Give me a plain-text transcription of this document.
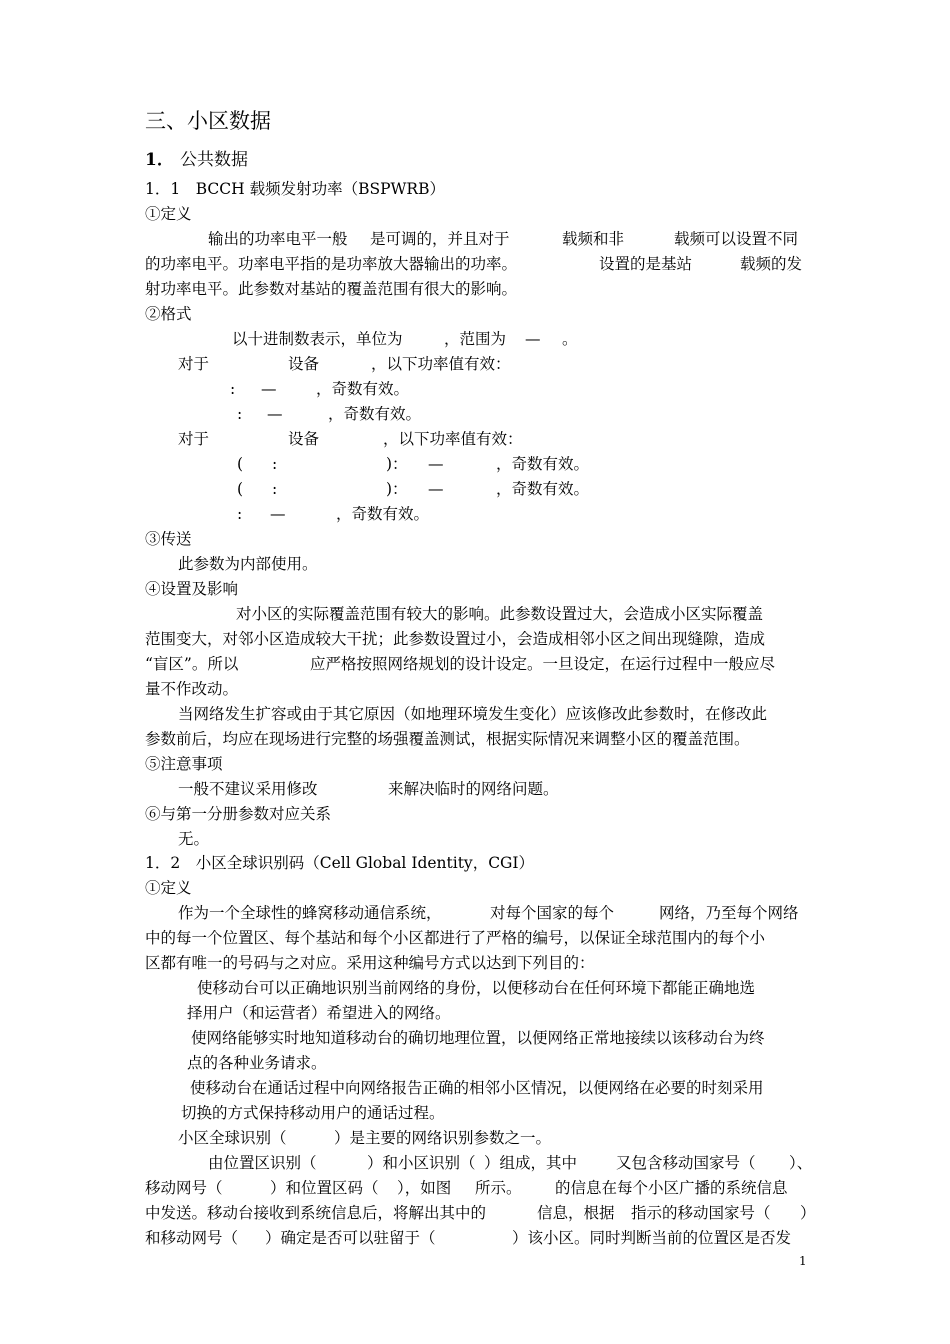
三、小区数据

1．

公共数据

1．1　BCCH 载频发射功率（BSPWRB）

①定义

输出的功率电平一般

是可调的，并且对于

	载频和非

	载频可以设置不同

的功率电平。功率电平指的是功率放大器输出的功率。

	设置的是基站

	载频的发

射功率电平。此参数对基站的覆盖范围有很大的影响。

②格式

以十进制数表示，单位为

	，范围为

—

。

对于

	设备

	，以下功率值有效：

:

—

	，奇数有效。

:

—

	，奇数有效。

对于

	设备

	，以下功率值有效：

(

:

	)：

—

	，奇数有效。

(

:

	)：

—

	，奇数有效。

:

—

	，奇数有效。

③传送

此参数为内部使用。

④设置及影响

对小区的实际覆盖范围有较大的影响。此参数设置过大，会造成小区实际覆盖

范围变大，对邻小区造成较大干扰；此参数设置过小，会造成相邻小区之间出现缝隙，造成

“盲区”。所以

	应严格按照网络规划的设计设定。一旦设定，在运行过程中一般应尽

量不作改动。

当网络发生扩容或由于其它原因（如地理环境发生变化）应该修改此参数时，在修改此

参数前后，均应在现场进行完整的场强覆盖测试，根据实际情况来调整小区的覆盖范围。

⑤注意事项

一般不建议采用修改

	来解决临时的网络问题。

⑥与第一分册参数对应关系

无。

1．2　小区全球识别码（Cell Global Identity，CGI）

①定义

作为一个全球性的蜂窝移动通信系统，

	对每个国家的每个

	网络，乃至每个网络

中的每一个位置区、每个基站和每个小区都进行了严格的编号，以保证全球范围内的每个小

区都有唯一的号码与之对应。采用这种编号方式以达到下列目的：

使移动台可以正确地识别当前网络的身份，以便移动台在任何环境下都能正确地选

择用户（和运营者）希望进入的网络。

使网络能够实时地知道移动台的确切地理位置，以便网络正常地接续以该移动台为终

点的各种业务请求。

使移动台在通话过程中向网络报告正确的相邻小区情况，以便网络在必要的时刻采用

切换的方式保持移动用户的通话过程。

小区全球识别（

	）是主要的网络识别参数之一。

由位置区识别（

	）和小区识别（

）组成，其中

	又包含移动国家号（

）、

移动网号（

	）和位置区码（

），如图

所示。

的信息在每个小区广播的系统信息

中发送。移动台接收到系统信息后，将解出其中的

	信息，根据

指示的移动国家号（

）

和移动网号（

）确定是否可以驻留于（

	）该小区。同时判断当前的位置区是否发

1
